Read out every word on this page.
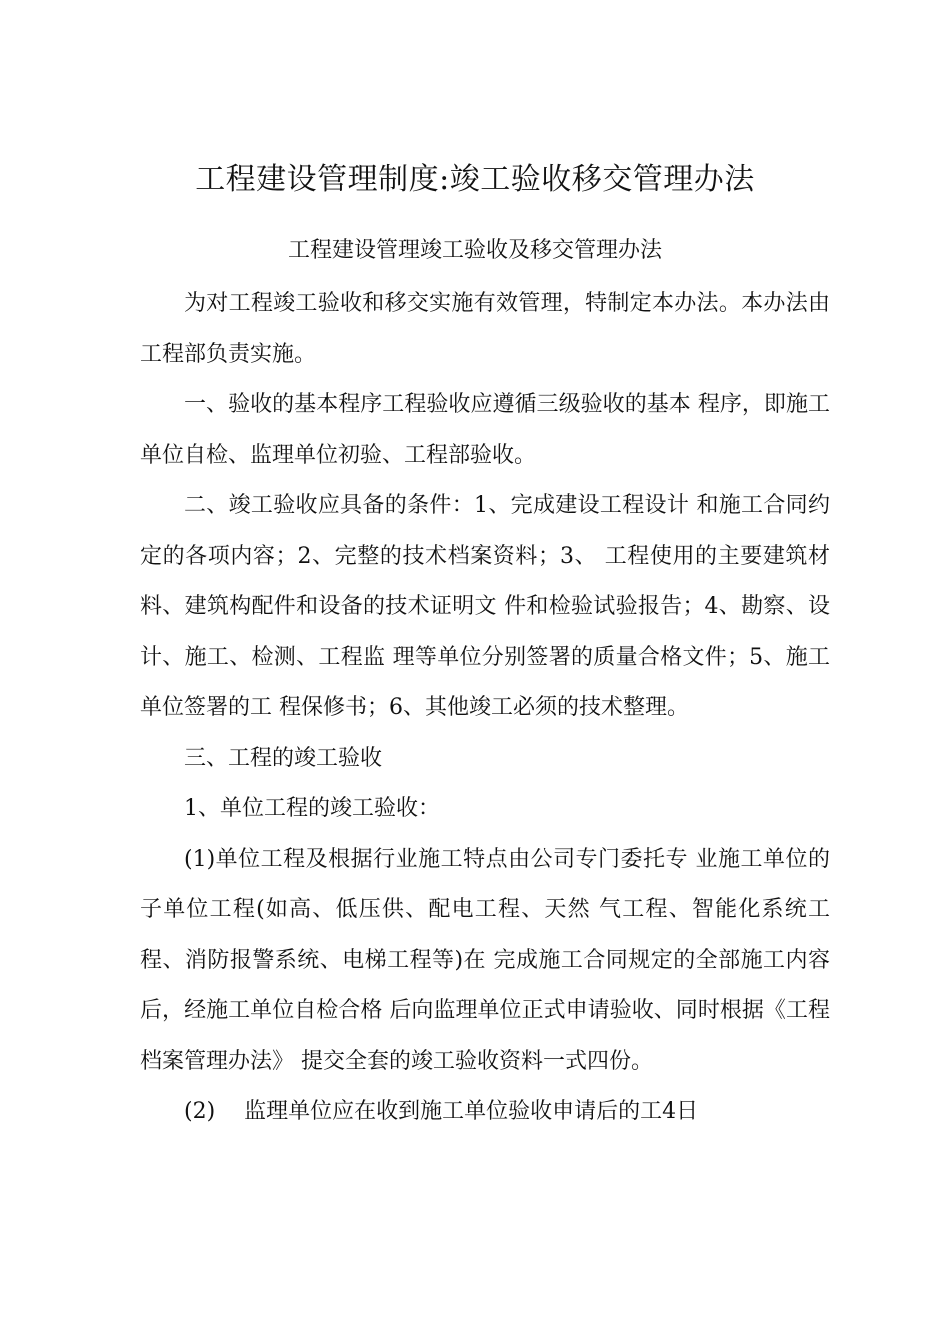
工程建设管理制度:竣工验收移交管理办法
工程建设管理竣工验收及移交管理办法

为对工程竣工验收和移交实施有效管理，特制定本办法。本办法由工程部负责实施。

一、验收的基本程序工程验收应遵循三级验收的基本 程序，即施工单位自检、监理单位初验、工程部验收。

二、竣工验收应具备的条件：1、完成建设工程设计 和施工合同约定的各项内容；2、完整的技术档案资料；3、 工程使用的主要建筑材料、建筑构配件和设备的技术证明文 件和检验试验报告；4、勘察、设计、施工、检测、工程监 理等单位分别签署的质量合格文件；5、施工单位签署的工 程保修书；6、其他竣工必须的技术整理。

三、工程的竣工验收

1、单位工程的竣工验收：

(1)单位工程及根据行业施工特点由公司专门委托专 业施工单位的子单位工程(如高、低压供、配电工程、天然 气工程、智能化系统工程、消防报警系统、电梯工程等)在 完成施工合同规定的全部施工内容后，经施工单位自检合格 后向监理单位正式申请验收、同时根据《工程档案管理办法》 提交全套的竣工验收资料一式四份。

(2)　 监理单位应在收到施工单位验收申请后的工4日
